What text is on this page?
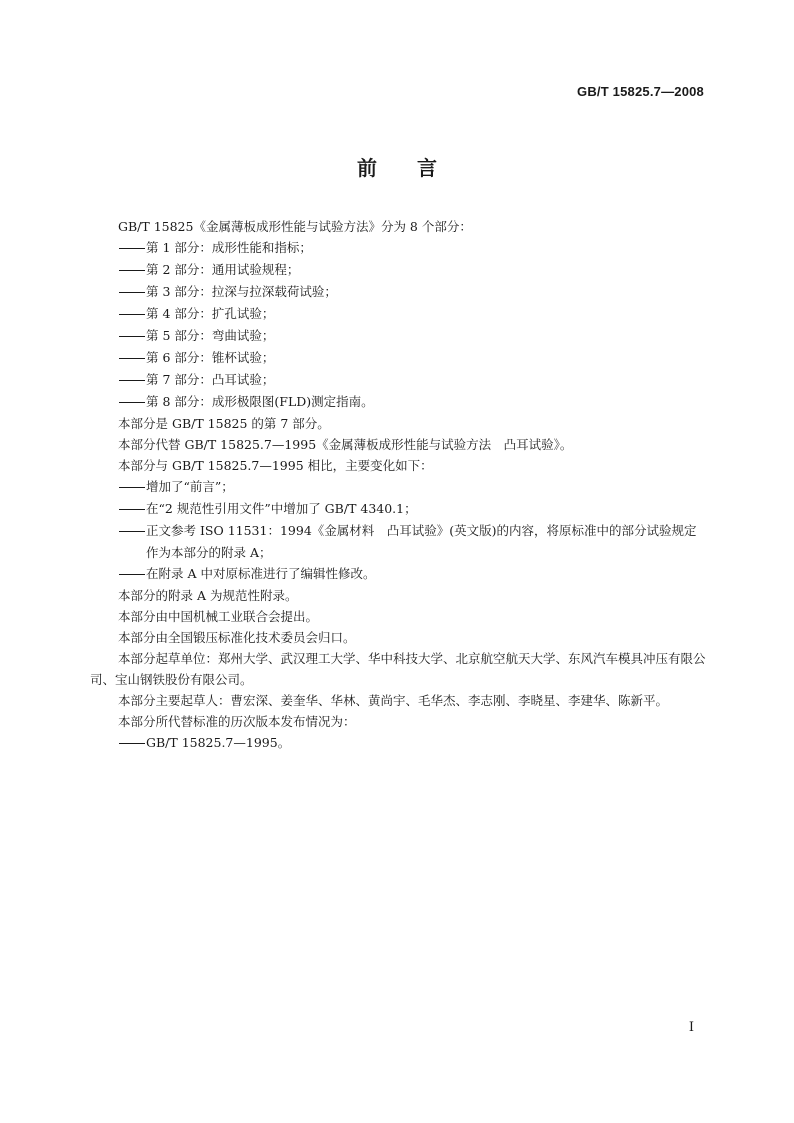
GB/T 15825.7—2008
前言

GB/T 15825《金属薄板成形性能与试验方法》分为 8 个部分：

第 1 部分：成形性能和指标；

第 2 部分：通用试验规程；

第 3 部分：拉深与拉深载荷试验；

第 4 部分：扩孔试验；

第 5 部分：弯曲试验；

第 6 部分：锥杯试验；

第 7 部分：凸耳试验；

第 8 部分：成形极限图(FLD)测定指南。

本部分是 GB/T 15825 的第 7 部分。

本部分代替 GB/T 15825.7—1995《金属薄板成形性能与试验方法　凸耳试验》。

本部分与 GB/T 15825.7—1995 相比，主要变化如下：

增加了“前言”；

在“2 规范性引用文件”中增加了 GB/T 4340.1；

正文参考 ISO 11531：1994《金属材料　凸耳试验》(英文版)的内容，将原标准中的部分试验规定作为本部分的附录 A；

在附录 A 中对原标准进行了编辑性修改。

本部分的附录 A 为规范性附录。

本部分由中国机械工业联合会提出。

本部分由全国锻压标准化技术委员会归口。

本部分起草单位：郑州大学、武汉理工大学、华中科技大学、北京航空航天大学、东风汽车模具冲压有限公司、宝山钢铁股份有限公司。

本部分主要起草人：曹宏深、姜奎华、华林、黄尚宇、毛华杰、李志刚、李晓星、李建华、陈新平。

本部分所代替标准的历次版本发布情况为：

GB/T 15825.7—1995。

I
